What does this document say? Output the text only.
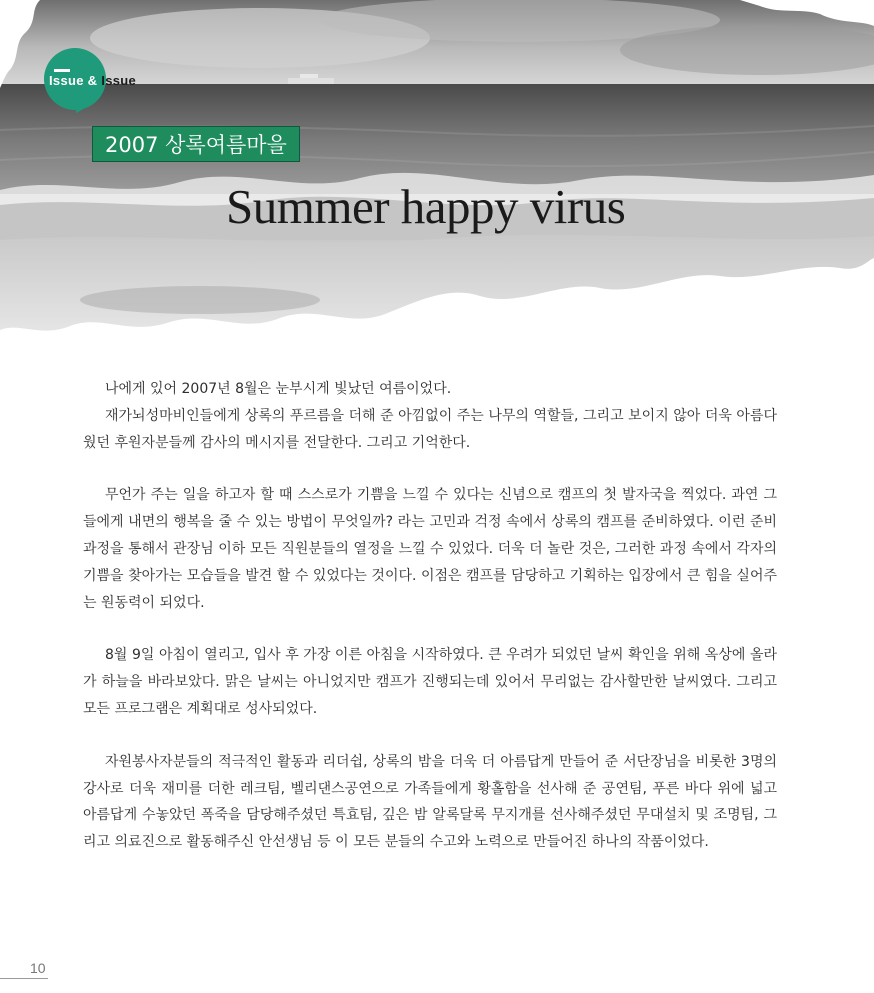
Issue & Issue
2007 상록여름마을
Summer happy virus

나에게 있어 2007년 8월은 눈부시게 빛났던 여름이었다.

재가뇌성마비인들에게 상록의 푸르름을 더해 준 아낌없이 주는 나무의 역할들, 그리고 보이지 않아 더욱 아름다웠던 후원자분들께 감사의 메시지를 전달한다. 그리고 기억한다.

무언가 주는 일을 하고자 할 때 스스로가 기쁨을 느낄 수 있다는 신념으로 캠프의 첫 발자국을 찍었다. 과연 그들에게 내면의 행복을 줄 수 있는 방법이 무엇일까? 라는 고민과 걱정 속에서 상록의 캠프를 준비하였다. 이런 준비과정을 통해서 관장님 이하 모든 직원분들의 열정을 느낄 수 있었다. 더욱 더 놀란 것은, 그러한 과정 속에서 각자의 기쁨을 찾아가는 모습들을 발견 할 수 있었다는 것이다. 이점은 캠프를 담당하고 기획하는 입장에서 큰 힘을 실어주는 원동력이 되었다.

8월 9일 아침이 열리고, 입사 후 가장 이른 아침을 시작하였다. 큰 우려가 되었던 날씨 확인을 위해 옥상에 올라가 하늘을 바라보았다. 맑은 날씨는 아니었지만 캠프가 진행되는데 있어서 무리없는 감사할만한 날씨였다. 그리고 모든 프로그램은 계획대로 성사되었다.

자원봉사자분들의 적극적인 활동과 리더쉽, 상록의 밤을 더욱 더 아름답게 만들어 준 서단장님을 비롯한 3명의 강사로 더욱 재미를 더한 레크팀, 벨리댄스공연으로 가족들에게 황홀함을 선사해 준 공연팀, 푸른 바다 위에 넓고 아름답게 수놓았던 폭죽을 담당해주셨던 특효팀, 깊은 밤 알록달록 무지개를 선사해주셨던 무대설치 및 조명팀, 그리고 의료진으로 활동해주신 안선생님 등 이 모든 분들의 수고와 노력으로 만들어진 하나의 작품이었다.

10
